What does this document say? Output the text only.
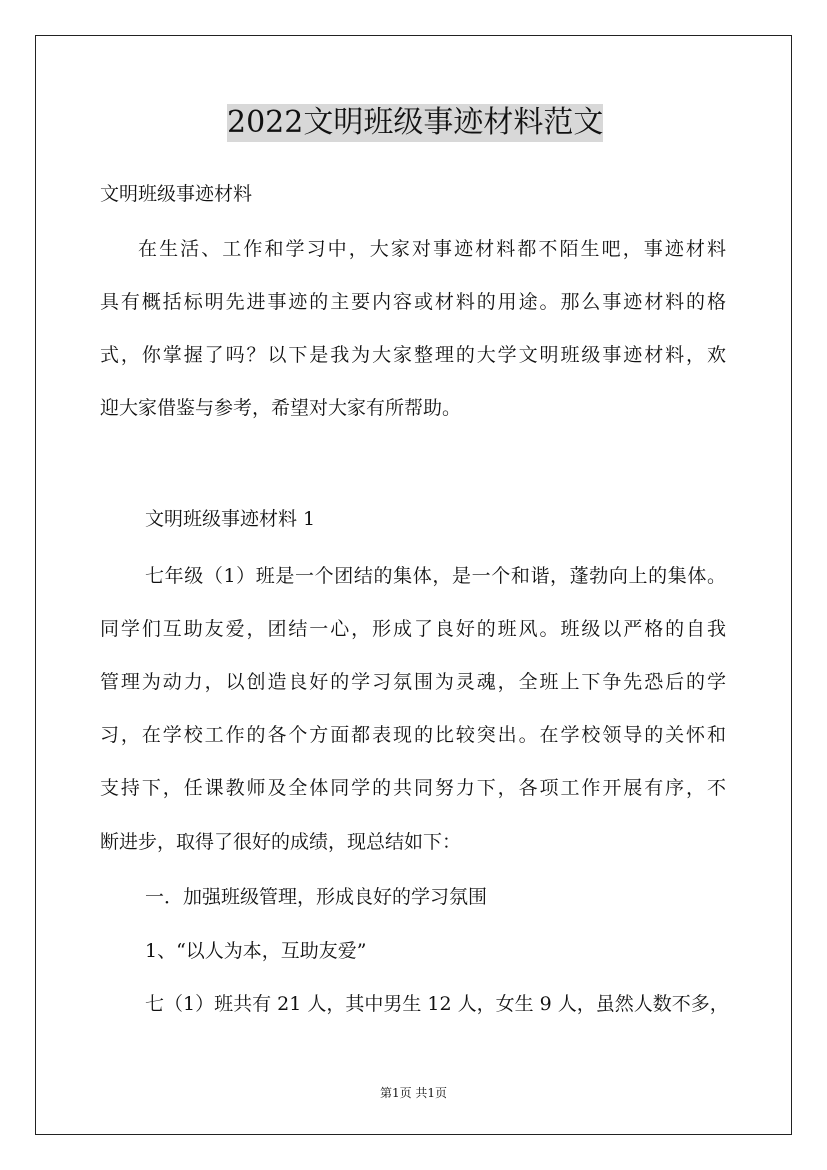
2022文明班级事迹材料范文

文明班级事迹材料

在生活、工作和学习中，大家对事迹材料都不陌生吧，事迹材料

具有概括标明先进事迹的主要内容或材料的用途。那么事迹材料的格

式，你掌握了吗？以下是我为大家整理的大学文明班级事迹材料，欢

迎大家借鉴与参考，希望对大家有所帮助。

文明班级事迹材料 1

七年级（1）班是一个团结的集体，是一个和谐，蓬勃向上的集体。

同学们互助友爱，团结一心，形成了良好的班风。班级以严格的自我

管理为动力，以创造良好的学习氛围为灵魂，全班上下争先恐后的学

习，在学校工作的各个方面都表现的比较突出。在学校领导的关怀和

支持下，任课教师及全体同学的共同努力下，各项工作开展有序，不

断进步，取得了很好的成绩，现总结如下：

一．加强班级管理，形成良好的学习氛围

1、“以人为本，互助友爱”

七（1）班共有 21 人，其中男生 12 人，女生 9 人，虽然人数不多，

第1页 共1页
